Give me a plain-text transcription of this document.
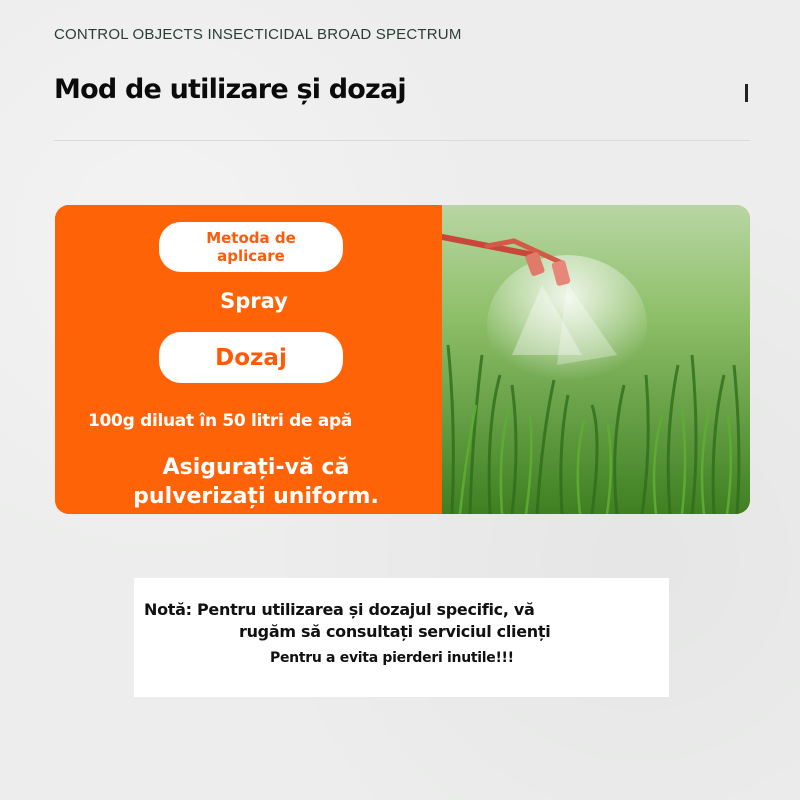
CONTROL OBJECTS INSECTICIDAL BROAD SPECTRUM
Mod de utilizare și dozaj
Metoda de aplicare
Spray
Dozaj
100g diluat în 50 litri de apă
Asigurați-vă că
pulverizați uniform.
Notă: Pentru utilizarea și dozajul specific, vă
rugăm să consultați serviciul clienți
Pentru a evita pierderi inutile!!!
